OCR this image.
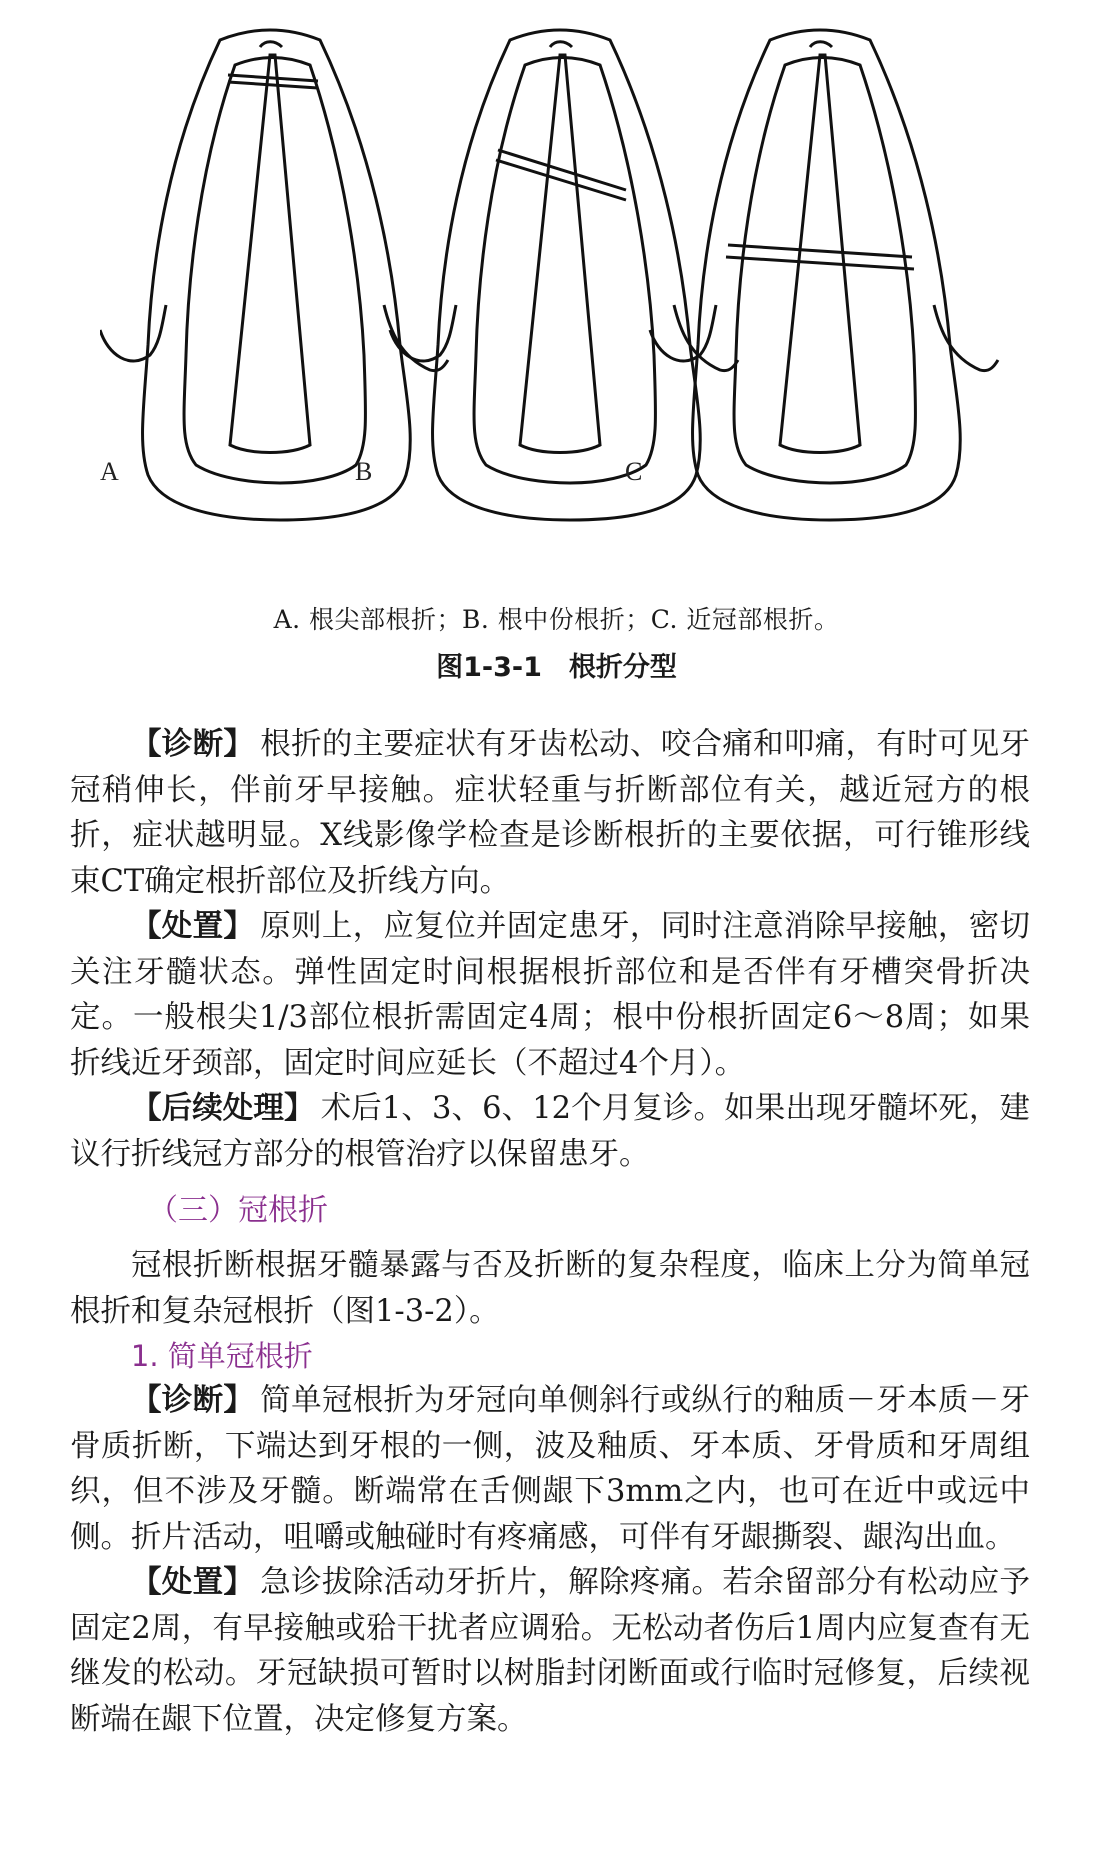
A	B	C
A. 根尖部根折；B. 根中份根折；C. 近冠部根折。
图1-3-1　根折分型

【诊断】 根折的主要症状有牙齿松动、咬合痛和叩痛，有时可见牙冠稍伸长，伴前牙早接触。症状轻重与折断部位有关，越近冠方的根折，症状越明显。X线影像学检查是诊断根折的主要依据，可行锥形线束CT确定根折部位及折线方向。

【处置】 原则上，应复位并固定患牙，同时注意消除早接触，密切关注牙髓状态。弹性固定时间根据根折部位和是否伴有牙槽突骨折决定。一般根尖1/3部位根折需固定4周；根中份根折固定6～8周；如果折线近牙颈部，固定时间应延长（不超过4个月）。

【后续处理】 术后1、3、6、12个月复诊。如果出现牙髓坏死，建议行折线冠方部分的根管治疗以保留患牙。

（三）冠根折

冠根折断根据牙髓暴露与否及折断的复杂程度，临床上分为简单冠根折和复杂冠根折（图1-3-2）。

1. 简单冠根折

【诊断】 简单冠根折为牙冠向单侧斜行或纵行的釉质－牙本质－牙骨质折断，下端达到牙根的一侧，波及釉质、牙本质、牙骨质和牙周组织，但不涉及牙髓。断端常在舌侧龈下3mm之内，也可在近中或远中侧。折片活动，咀嚼或触碰时有疼痛感，可伴有牙龈撕裂、龈沟出血。

【处置】 急诊拔除活动牙折片，解除疼痛。若余留部分有松动应予固定2周，有早接触或𬌗干扰者应调𬌗。无松动者伤后1周内应复查有无继发的松动。牙冠缺损可暂时以树脂封闭断面或行临时冠修复，后续视断端在龈下位置，决定修复方案。
